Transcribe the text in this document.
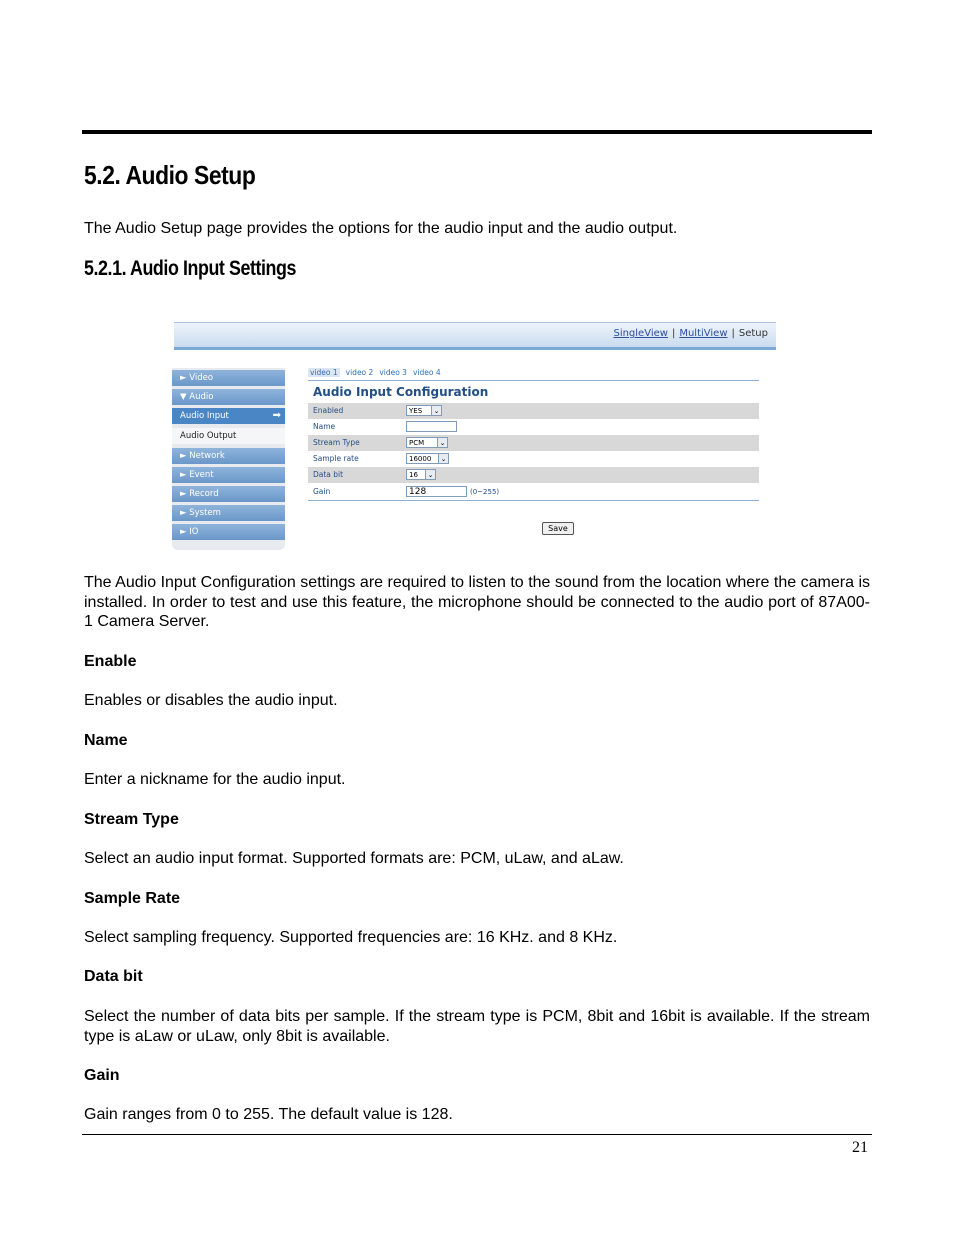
5.2. Audio Setup
The Audio Setup page provides the options for the audio input and the audio output.
5.2.1. Audio Input Settings
SingleView | MultiView | Setup
► Video
▼ Audio
Audio Input	➡
Audio Output
► Network
► Event
► Record
► System
► IO
video 1 video 2 video 3 video 4
Audio Input Configuration
Enabled	YES	⌄
Name
Stream Type	PCM	⌄
Sample rate	16000	⌄
Data bit	16	⌄
Gain	128	(0~255)
Save
The Audio Input Configuration settings are required to listen to the sound from the location where the camera is installed. In order to test and use this feature, the microphone should be connected to the audio port of 87A00-1 Camera Server.
Enable
Enables or disables the audio input.
Name
Enter a nickname for the audio input.
Stream Type
Select an audio input format. Supported formats are: PCM, uLaw, and aLaw.
Sample Rate
Select sampling frequency. Supported frequencies are: 16 KHz. and 8 KHz.
Data bit
Select the number of data bits per sample. If the stream type is PCM, 8bit and 16bit is available. If the stream type is aLaw or uLaw, only 8bit is available.
Gain
Gain ranges from 0 to 255. The default value is 128.
21
